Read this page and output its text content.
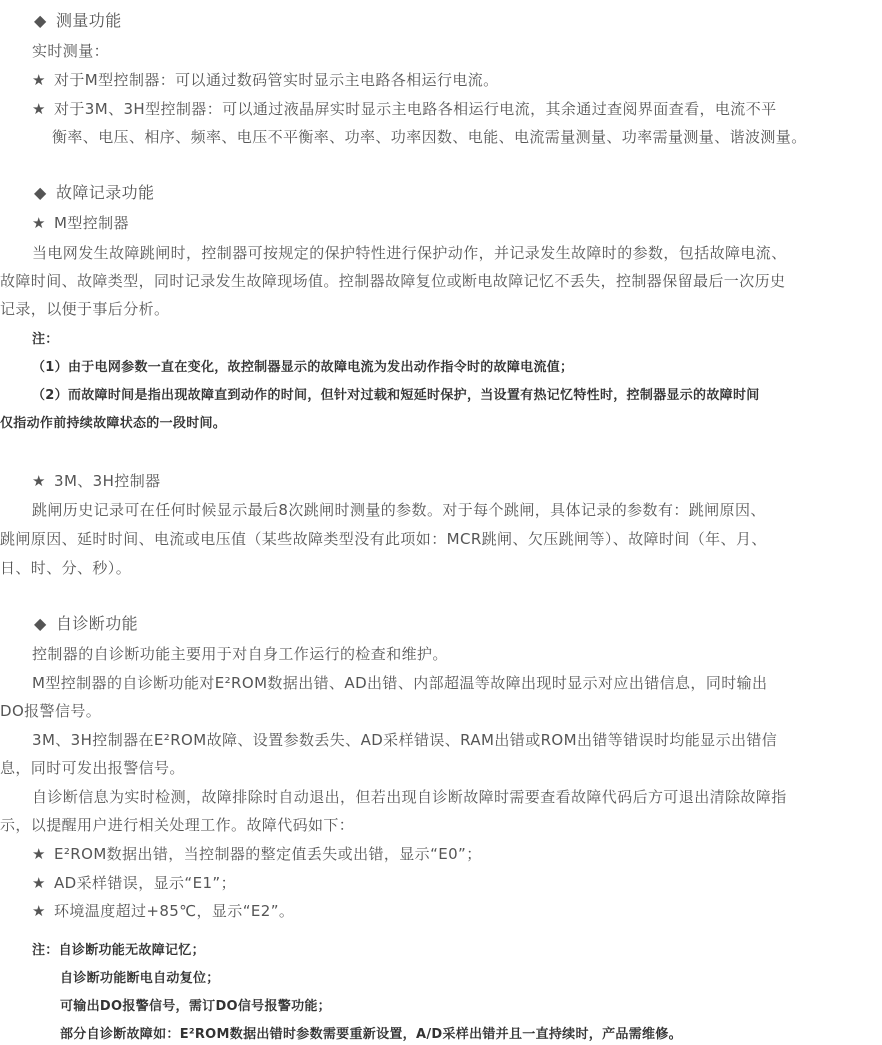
◆ 测量功能
实时测量：
★ 对于M型控制器：可以通过数码管实时显示主电路各相运行电流。
★ 对于3M、3H型控制器：可以通过液晶屏实时显示主电路各相运行电流，其余通过查阅界面查看，电流不平
衡率、电压、相序、频率、电压不平衡率、功率、功率因数、电能、电流需量测量、功率需量测量、谐波测量。
◆ 故障记录功能
★ M型控制器
当电网发生故障跳闸时，控制器可按规定的保护特性进行保护动作，并记录发生故障时的参数，包括故障电流、
故障时间、故障类型，同时记录发生故障现场值。控制器故障复位或断电故障记忆不丢失，控制器保留最后一次历史
记录，以便于事后分析。
注：
（1）由于电网参数一直在变化，故控制器显示的故障电流为发出动作指令时的故障电流值；
（2）而故障时间是指出现故障直到动作的时间，但针对过载和短延时保护，当设置有热记忆特性时，控制器显示的故障时间
仅指动作前持续故障状态的一段时间。
★ 3M、3H控制器
跳闸历史记录可在任何时候显示最后8次跳闸时测量的参数。对于每个跳闸，具体记录的参数有：跳闸原因、
跳闸原因、延时时间、电流或电压值（某些故障类型没有此项如：MCR跳闸、欠压跳闸等）、故障时间（年、月、
日、时、分、秒）。
◆ 自诊断功能
控制器的自诊断功能主要用于对自身工作运行的检查和维护。
M型控制器的自诊断功能对E²ROM数据出错、AD出错、内部超温等故障出现时显示对应出错信息，同时输出
DO报警信号。
3M、3H控制器在E²ROM故障、设置参数丢失、AD采样错误、RAM出错或ROM出错等错误时均能显示出错信
息，同时可发出报警信号。
自诊断信息为实时检测，故障排除时自动退出，但若出现自诊断故障时需要查看故障代码后方可退出清除故障指
示，以提醒用户进行相关处理工作。故障代码如下：
★ E²ROM数据出错，当控制器的整定值丢失或出错，显示“E0”；
★ AD采样错误，显示“E1”；
★ 环境温度超过+85℃，显示“E2”。
注：自诊断功能无故障记忆；
自诊断功能断电自动复位；
可输出DO报警信号，需订DO信号报警功能；
部分自诊断故障如：E²ROM数据出错时参数需要重新设置，A/D采样出错并且一直持续时，产品需维修。
